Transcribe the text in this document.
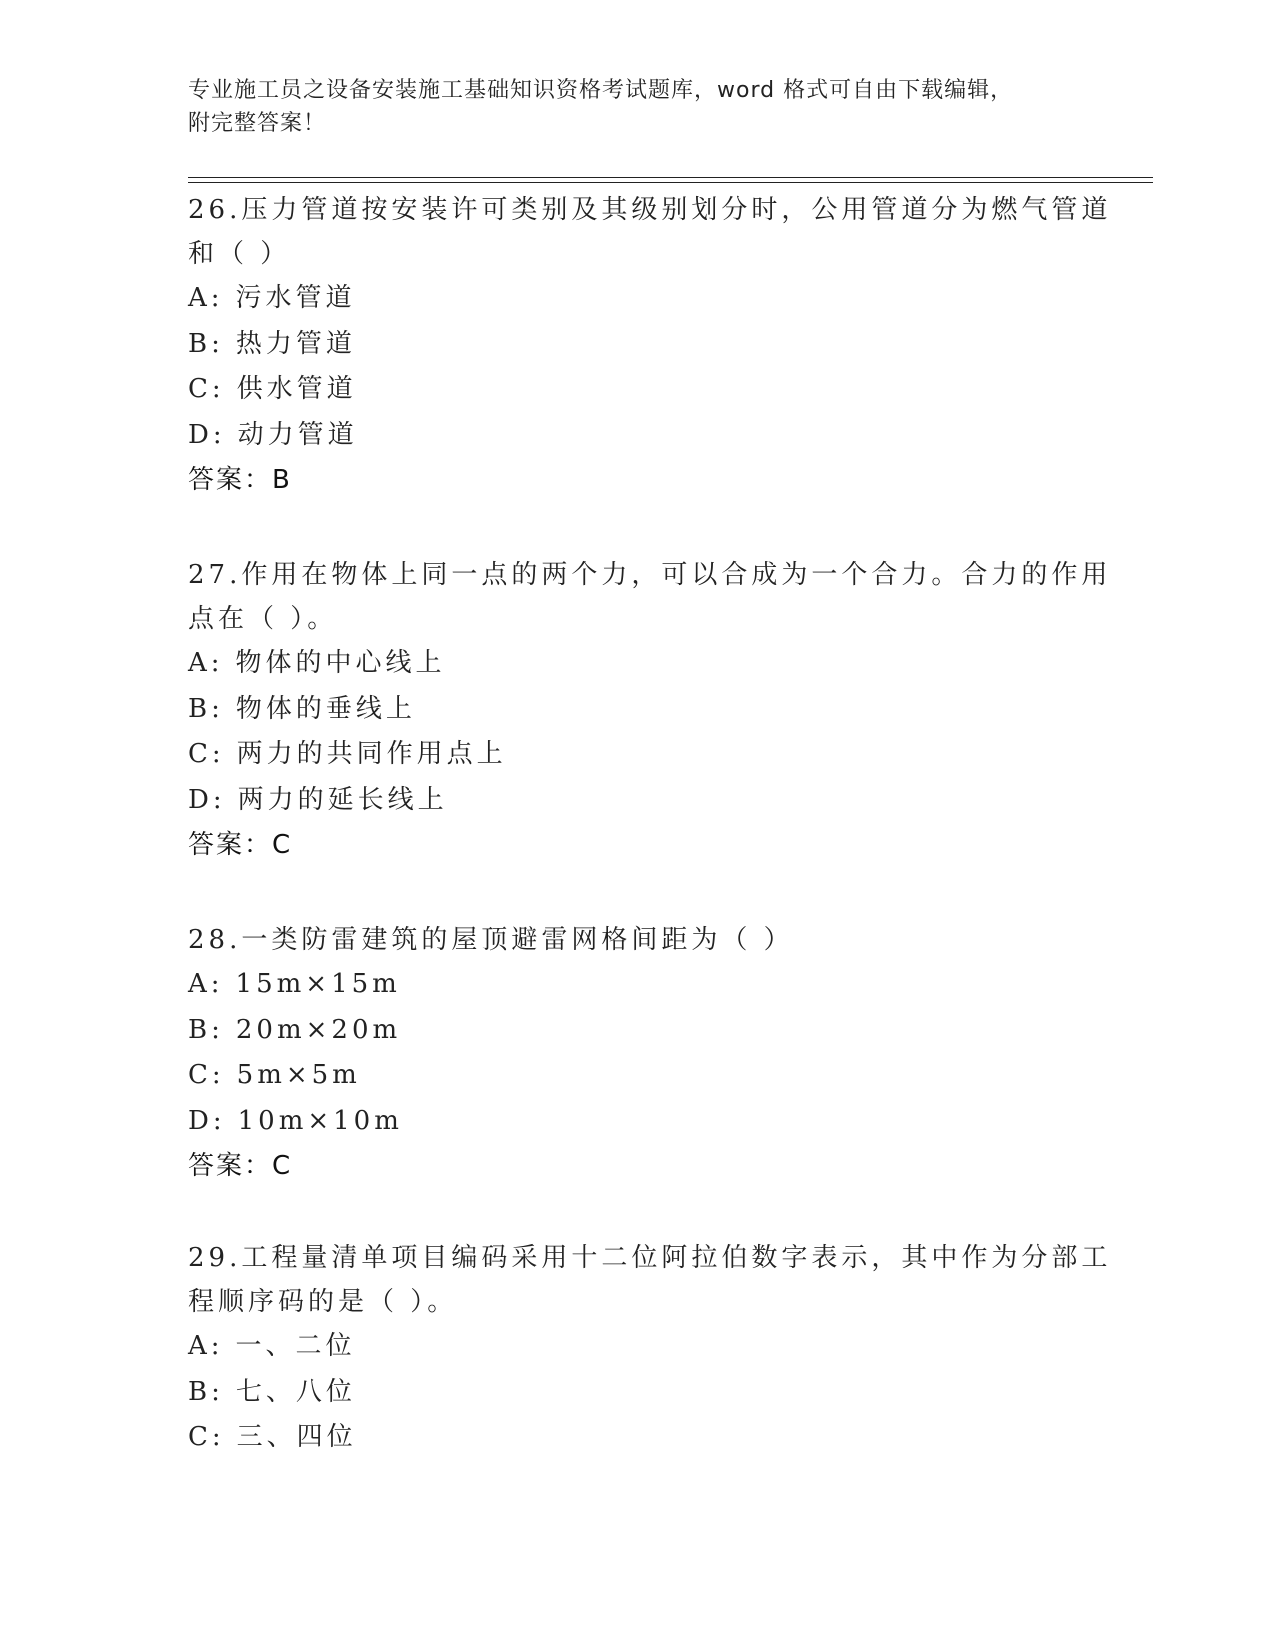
专业施工员之设备安装施工基础知识资格考试题库，word 格式可自由下载编辑，
附完整答案！
26.压力管道按安装许可类别及其级别划分时，公用管道分为燃气管道
和（ ）
A: 污水管道
B: 热力管道
C: 供水管道
D: 动力管道
答案：B
27.作用在物体上同一点的两个力，可以合成为一个合力。合力的作用
点在（ ）。
A: 物体的中心线上
B: 物体的垂线上
C: 两力的共同作用点上
D: 两力的延长线上
答案：C
28.一类防雷建筑的屋顶避雷网格间距为（ ）
A: 15m×15m
B: 20m×20m
C: 5m×5m
D: 10m×10m
答案：C
29.工程量清单项目编码采用十二位阿拉伯数字表示，其中作为分部工
程顺序码的是（ ）。
A: 一、二位
B: 七、八位
C: 三、四位
